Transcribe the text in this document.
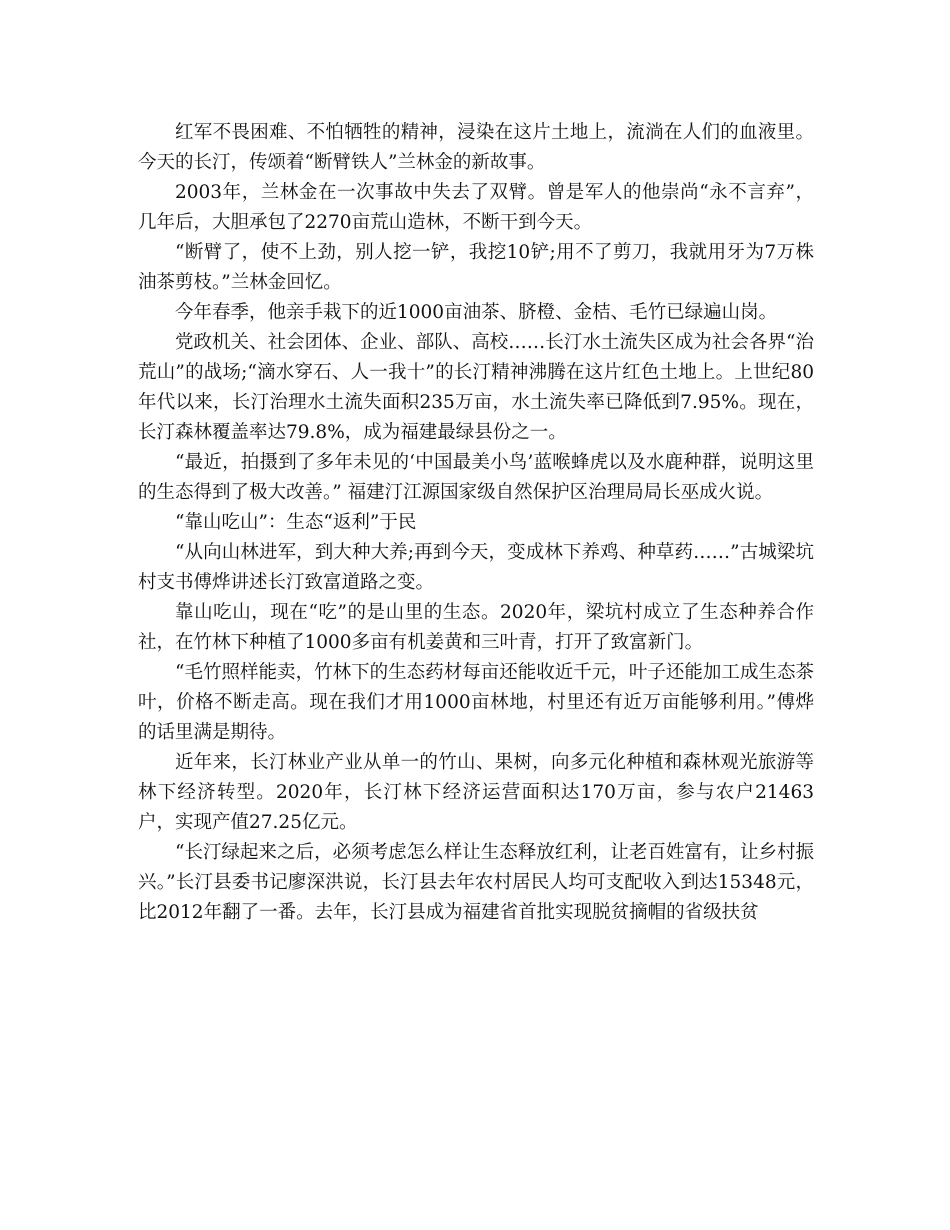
红军不畏困难、不怕牺牲的精神，浸染在这片土地上，流淌在人们的血液里。今天的长汀，传颂着“断臂铁人”兰林金的新故事。

2003年，兰林金在一次事故中失去了双臂。曾是军人的他崇尚“永不言弃”，几年后，大胆承包了2270亩荒山造林，不断干到今天。

“断臂了，使不上劲，别人挖一铲，我挖10铲;用不了剪刀，我就用牙为7万株油茶剪枝。”兰林金回忆。

今年春季，他亲手栽下的近1000亩油茶、脐橙、金桔、毛竹已绿遍山岗。

党政机关、社会团体、企业、部队、高校……长汀水土流失区成为社会各界“治荒山”的战场;“滴水穿石、人一我十”的长汀精神沸腾在这片红色土地上。上世纪80年代以来，长汀治理水土流失面积235万亩，水土流失率已降低到7.95%。现在，长汀森林覆盖率达79.8%，成为福建最绿县份之一。

“最近，拍摄到了多年未见的‘中国最美小鸟’蓝喉蜂虎以及水鹿种群，说明这里的生态得到了极大改善。” 福建汀江源国家级自然保护区治理局局长巫成火说。

“靠山吃山”：生态“返利”于民

“从向山林进军，到大种大养;再到今天，变成林下养鸡、种草药……”古城梁坑村支书傅烨讲述长汀致富道路之变。

靠山吃山，现在“吃”的是山里的生态。2020年，梁坑村成立了生态种养合作社，在竹林下种植了1000多亩有机姜黄和三叶青，打开了致富新门。

“毛竹照样能卖，竹林下的生态药材每亩还能收近千元，叶子还能加工成生态茶叶，价格不断走高。现在我们才用1000亩林地，村里还有近万亩能够利用。”傅烨的话里满是期待。

近年来，长汀林业产业从单一的竹山、果树，向多元化种植和森林观光旅游等林下经济转型。2020年，长汀林下经济运营面积达170万亩，参与农户21463户，实现产值27.25亿元。

“长汀绿起来之后，必须考虑怎么样让生态释放红利，让老百姓富有，让乡村振兴。”长汀县委书记廖深洪说，长汀县去年农村居民人均可支配收入到达15348元，比2012年翻了一番。去年，长汀县成为福建省首批实现脱贫摘帽的省级扶贫
